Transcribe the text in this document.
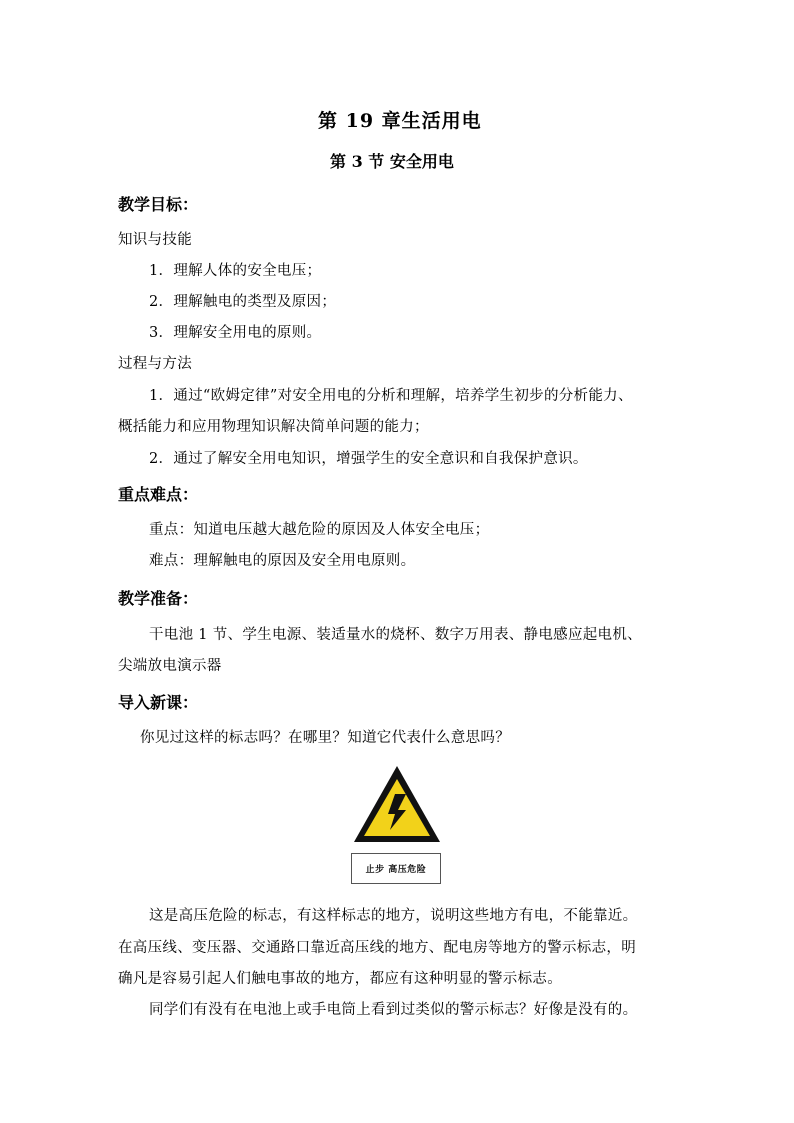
第 19 章生活用电
第 3 节 安全用电
教学目标：
知识与技能
1．理解人体的安全电压；
2．理解触电的类型及原因；
3．理解安全用电的原则。
过程与方法
1．通过“欧姆定律”对安全用电的分析和理解，培养学生初步的分析能力、
概括能力和应用物理知识解决简单问题的能力；
2．通过了解安全用电知识，增强学生的安全意识和自我保护意识。
重点难点：
重点：知道电压越大越危险的原因及人体安全电压；
难点：理解触电的原因及安全用电原则。
教学准备：
干电池 1 节、学生电源、装适量水的烧杯、数字万用表、静电感应起电机、
尖端放电演示器
导入新课：
你见过这样的标志吗？在哪里？知道它代表什么意思吗？
止步 高压危险
这是高压危险的标志，有这样标志的地方，说明这些地方有电，不能靠近。
在高压线、变压器、交通路口靠近高压线的地方、配电房等地方的警示标志，明
确凡是容易引起人们触电事故的地方，都应有这种明显的警示标志。
同学们有没有在电池上或手电筒上看到过类似的警示标志？好像是没有的。
